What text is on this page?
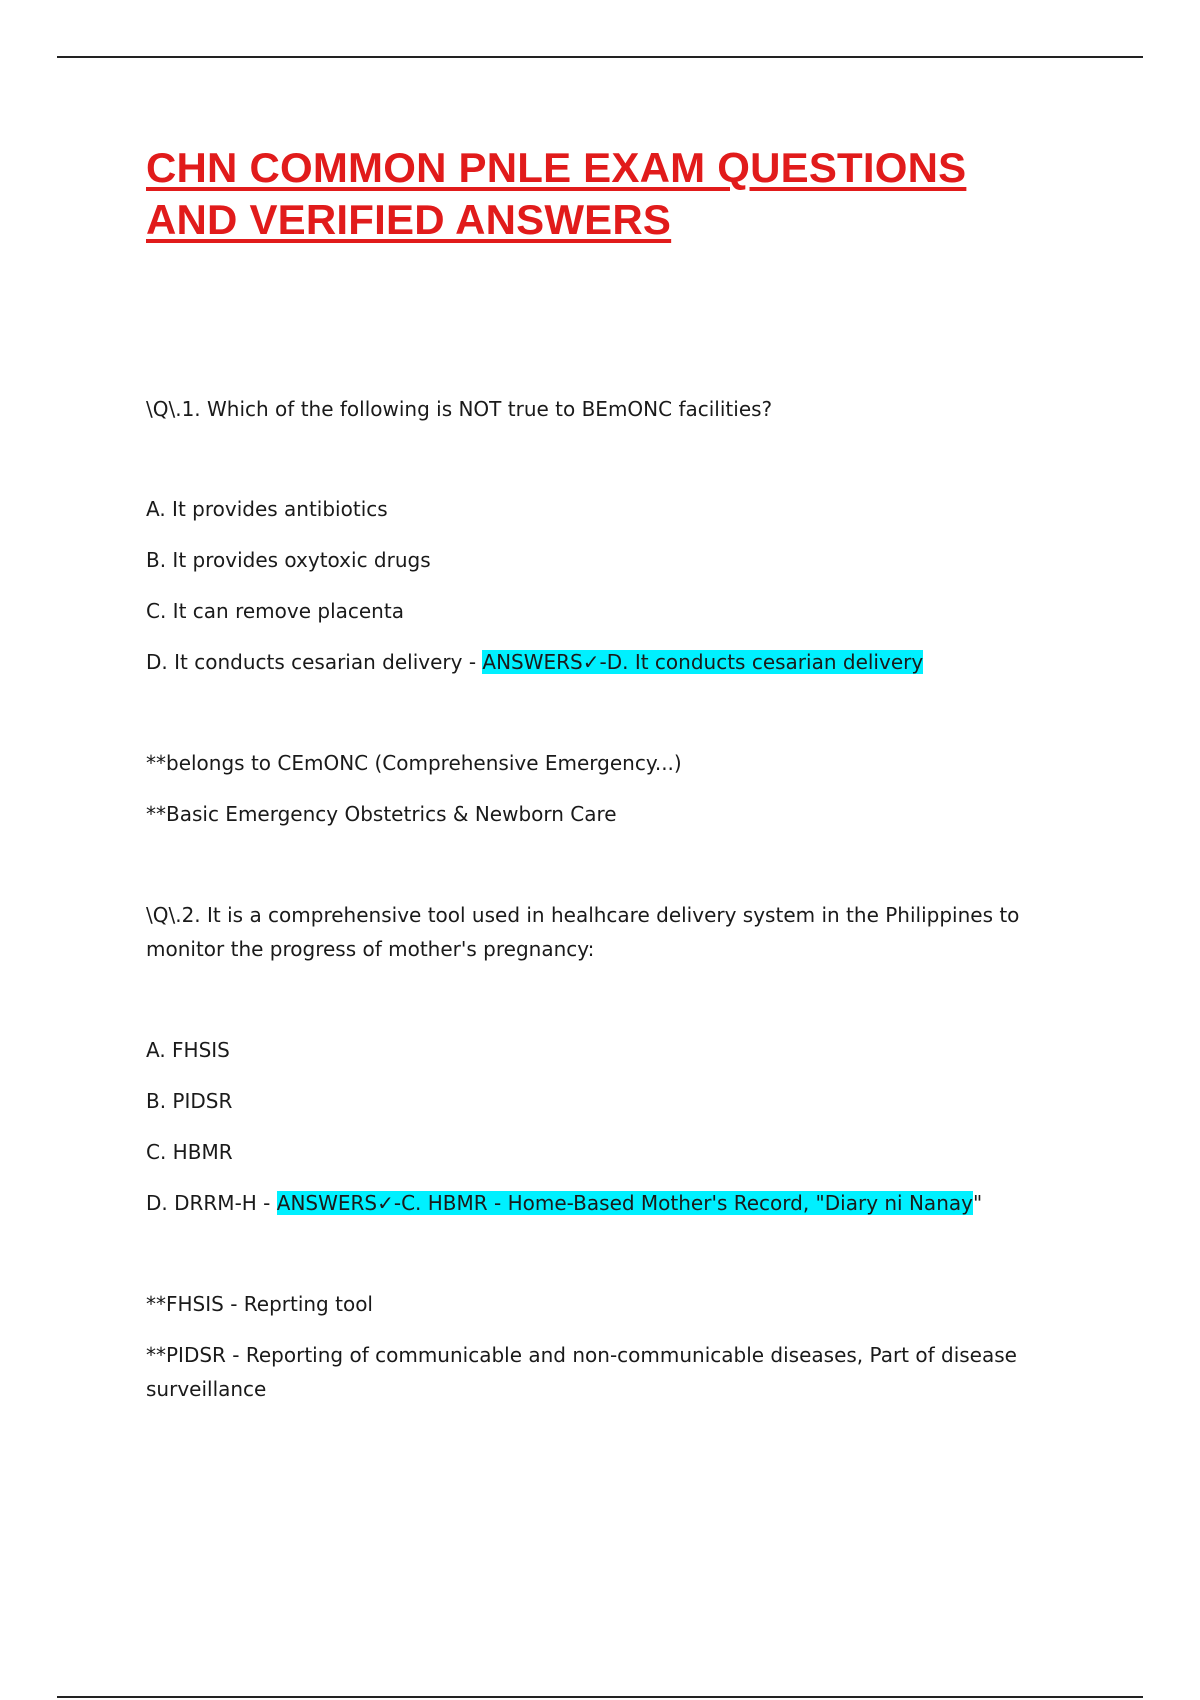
CHN COMMON PNLE EXAM QUESTIONS
AND VERIFIED ANSWERS

\Q\.1. Which of the following is NOT true to BEmONC facilities?

A. It provides antibiotics

B. It provides oxytoxic drugs

C. It can remove placenta

D. It conducts cesarian delivery - ANSWERS✓-D. It conducts cesarian delivery

**belongs to CEmONC (Comprehensive Emergency...)

**Basic Emergency Obstetrics & Newborn Care

\Q\.2. It is a comprehensive tool used in healhcare delivery system in the Philippines to monitor the progress of mother's pregnancy:

A. FHSIS

B. PIDSR

C. HBMR

D. DRRM-H - ANSWERS✓-C. HBMR - Home-Based Mother's Record, "Diary ni Nanay"

**FHSIS - Reprting tool

**PIDSR - Reporting of communicable and non-communicable diseases, Part of disease surveillance
